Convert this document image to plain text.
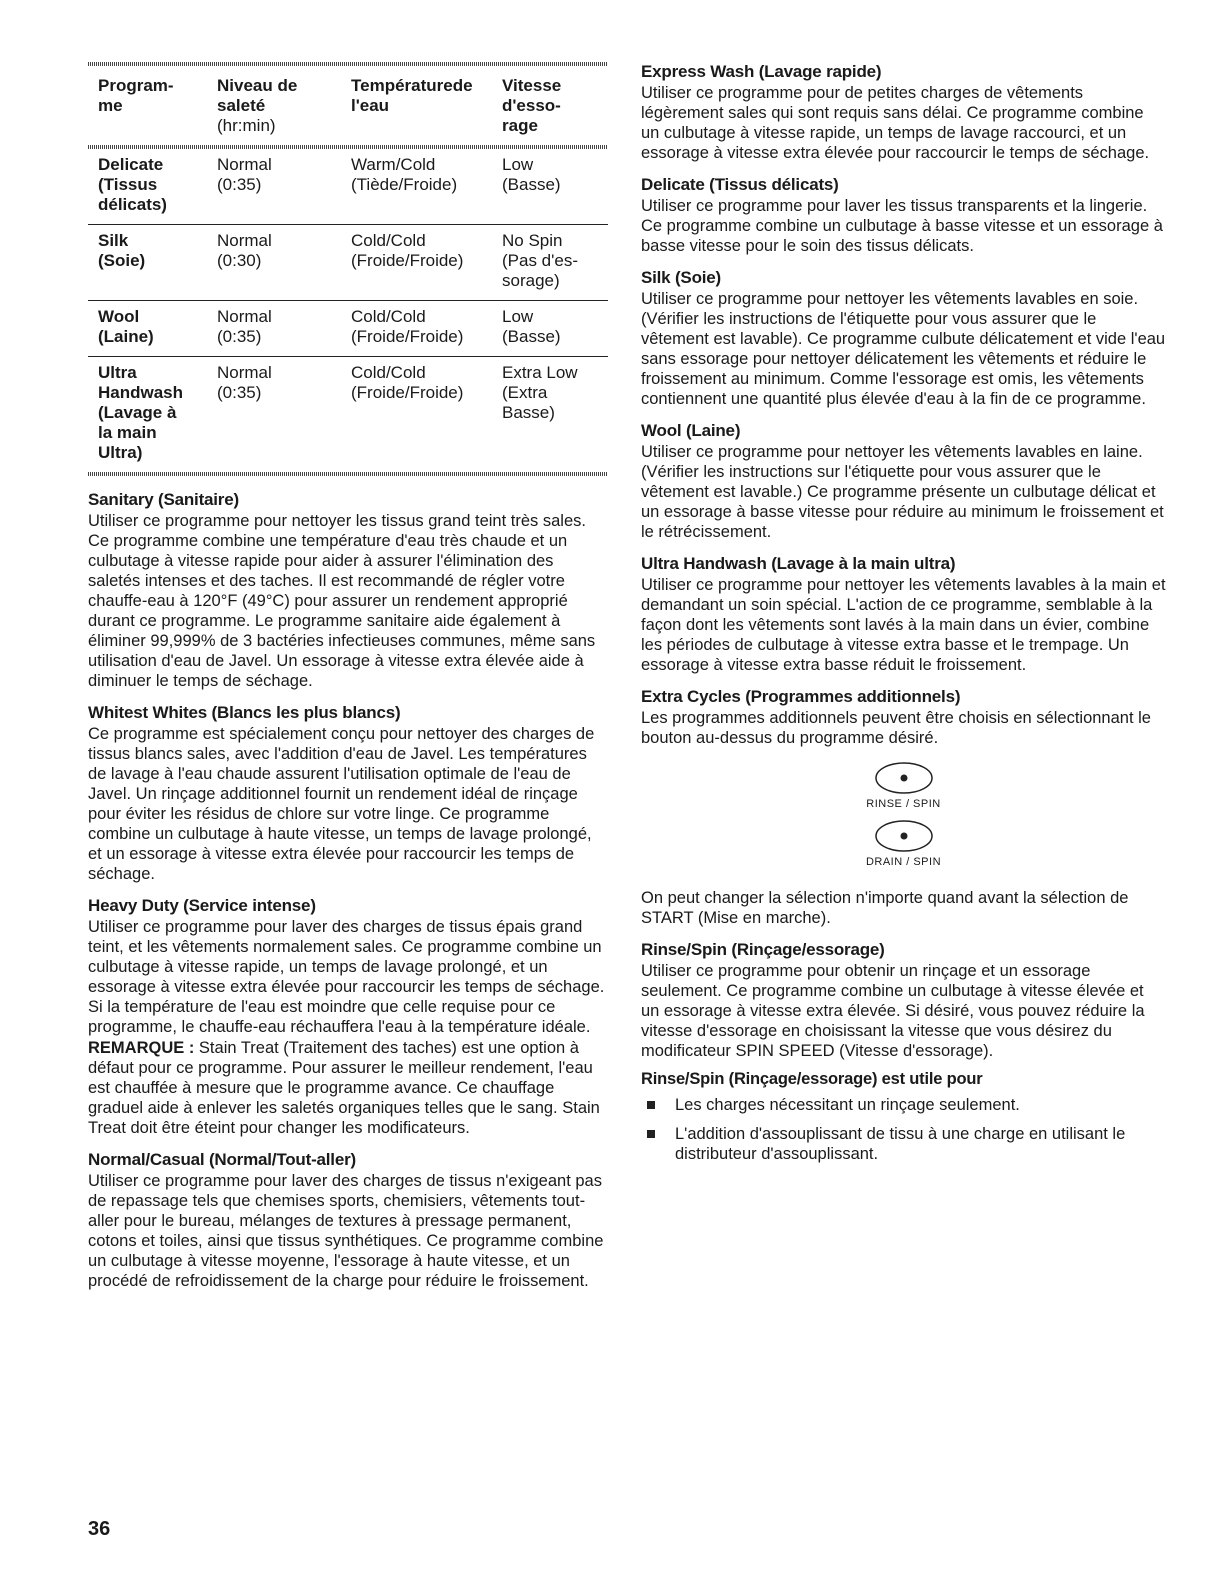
Program-
me
Niveau de
saleté
(hr:min)
Températurede
l'eau
Vitesse
d'esso-
rage
Delicate
(Tissus
délicats)
Normal
(0:35)
Warm/Cold
(Tiède/Froide)
Low
(Basse)
Silk
(Soie)
Normal
(0:30)
Cold/Cold
(Froide/Froide)
No Spin
(Pas d'es-
sorage)
Wool
(Laine)
Normal
(0:35)
Cold/Cold
(Froide/Froide)
Low
(Basse)
Ultra
Handwash
(Lavage à
la main
Ultra)
Normal
(0:35)
Cold/Cold
(Froide/Froide)
Extra Low
(Extra
Basse)
Sanitary (Sanitaire)

Utiliser ce programme pour nettoyer les tissus grand teint très sales. Ce programme combine une température d'eau très chaude et un culbutage à vitesse rapide pour aider à assurer l'élimination des saletés intenses et des taches. Il est recommandé de régler votre chauffe-eau à 120°F (49°C) pour assurer un rendement approprié durant ce programme. Le programme sanitaire aide également à éliminer 99,999% de 3 bactéries infectieuses communes, même sans utilisation d'eau de Javel. Un essorage à vitesse extra élevée aide à diminuer le temps de séchage.

Whitest Whites (Blancs les plus blancs)

Ce programme est spécialement conçu pour nettoyer des charges de tissus blancs sales, avec l'addition d'eau de Javel. Les températures de lavage à l'eau chaude assurent l'utilisation optimale de l'eau de Javel. Un rinçage additionnel fournit un rendement idéal de rinçage pour éviter les résidus de chlore sur votre linge. Ce programme combine un culbutage à haute vitesse, un temps de lavage prolongé, et un essorage à vitesse extra élevée pour raccourcir les temps de séchage.

Heavy Duty (Service intense)

Utiliser ce programme pour laver des charges de tissus épais grand teint, et les vêtements normalement sales. Ce programme combine un culbutage à vitesse rapide, un temps de lavage prolongé, et un essorage à vitesse extra élevée pour raccourcir les temps de séchage. Si la température de l'eau est moindre que celle requise pour ce programme, le chauffe-eau réchauffera l'eau à la température idéale.

REMARQUE : Stain Treat (Traitement des taches) est une option à défaut pour ce programme. Pour assurer le meilleur rendement, l'eau est chauffée à mesure que le programme avance. Ce chauffage graduel aide à enlever les saletés organiques telles que le sang. Stain Treat doit être éteint pour changer les modificateurs.

Normal/Casual (Normal/Tout-aller)

Utiliser ce programme pour laver des charges de tissus n'exigeant pas de repassage tels que chemises sports, chemisiers, vêtements tout-aller pour le bureau, mélanges de textures à pressage permanent, cotons et toiles, ainsi que tissus synthétiques. Ce programme combine un culbutage à vitesse moyenne, l'essorage à haute vitesse, et un procédé de refroidissement de la charge pour réduire le froissement.

Express Wash (Lavage rapide)

Utiliser ce programme pour de petites charges de vêtements légèrement sales qui sont requis sans délai. Ce programme combine un culbutage à vitesse rapide, un temps de lavage raccourci, et un essorage à vitesse extra élevée pour raccourcir le temps de séchage.

Delicate (Tissus délicats)

Utiliser ce programme pour laver les tissus transparents et la lingerie. Ce programme combine un culbutage à basse vitesse et un essorage à basse vitesse pour le soin des tissus délicats.

Silk (Soie)

Utiliser ce programme pour nettoyer les vêtements lavables en soie. (Vérifier les instructions de l'étiquette pour vous assurer que le vêtement est lavable). Ce programme culbute délicatement et vide l'eau sans essorage pour nettoyer délicatement les vêtements et réduire le froissement au minimum. Comme l'essorage est omis, les vêtements contiennent une quantité plus élevée d'eau à la fin de ce programme.

Wool (Laine)

Utiliser ce programme pour nettoyer les vêtements lavables en laine. (Vérifier les instructions sur l'étiquette pour vous assurer que le vêtement est lavable.) Ce programme présente un culbutage délicat et un essorage à basse vitesse pour réduire au minimum le froissement et le rétrécissement.

Ultra Handwash (Lavage à la main ultra)

Utiliser ce programme pour nettoyer les vêtements lavables à la main et demandant un soin spécial. L'action de ce programme, semblable à la façon dont les vêtements sont lavés à la main dans un évier, combine les périodes de culbutage à vitesse extra basse et le trempage. Un essorage à vitesse extra basse réduit le froissement.

Extra Cycles (Programmes additionnels)

Les programmes additionnels peuvent être choisis en sélectionnant le bouton au-dessus du programme désiré.

RINSE / SPIN
DRAIN / SPIN

On peut changer la sélection n'importe quand avant la sélection de START (Mise en marche).

Rinse/Spin (Rinçage/essorage)

Utiliser ce programme pour obtenir un rinçage et un essorage seulement. Ce programme combine un culbutage à vitesse élevée et un essorage à vitesse extra élevée. Si désiré, vous pouvez réduire la vitesse d'essorage en choisissant la vitesse que vous désirez du modificateur SPIN SPEED (Vitesse d'essorage).

Rinse/Spin (Rinçage/essorage) est utile pour
Les charges nécessitant un rinçage seulement.
L'addition d'assouplissant de tissu à une charge en utilisant le distributeur d'assouplissant.
36
